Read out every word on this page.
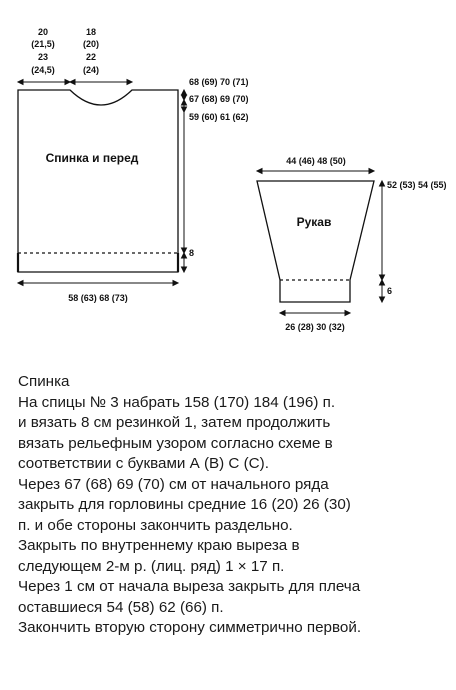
20
(21,5)
23
(24,5)
18
(20)
22
(24)
68 (69) 70 (71)
67 (68) 69 (70)
59 (60) 61 (62)
8
58 (63) 68 (73)
Спинка и перед	44 (46) 48 (50)
52 (53) 54 (55)
6
26 (28) 30 (32)
Рукав
Спинка
На спицы № 3 набрать 158 (170) 184 (196) п.
и вязать 8 см резинкой 1, затем продолжить
вязать рельефным узором согласно схеме в
соответствии с буквами А (В) С (С).
Через 67 (68) 69 (70) см от начального ряда
закрыть для горловины средние 16 (20) 26 (30)
п. и обе стороны закончить раздельно.
Закрыть по внутреннему краю выреза в
следующем 2-м р. (лиц. ряд) 1 × 17 п.
Через 1 см от начала выреза закрыть для плеча
оставшиеся 54 (58) 62 (66) п.
Закончить вторую сторону симметрично первой.
